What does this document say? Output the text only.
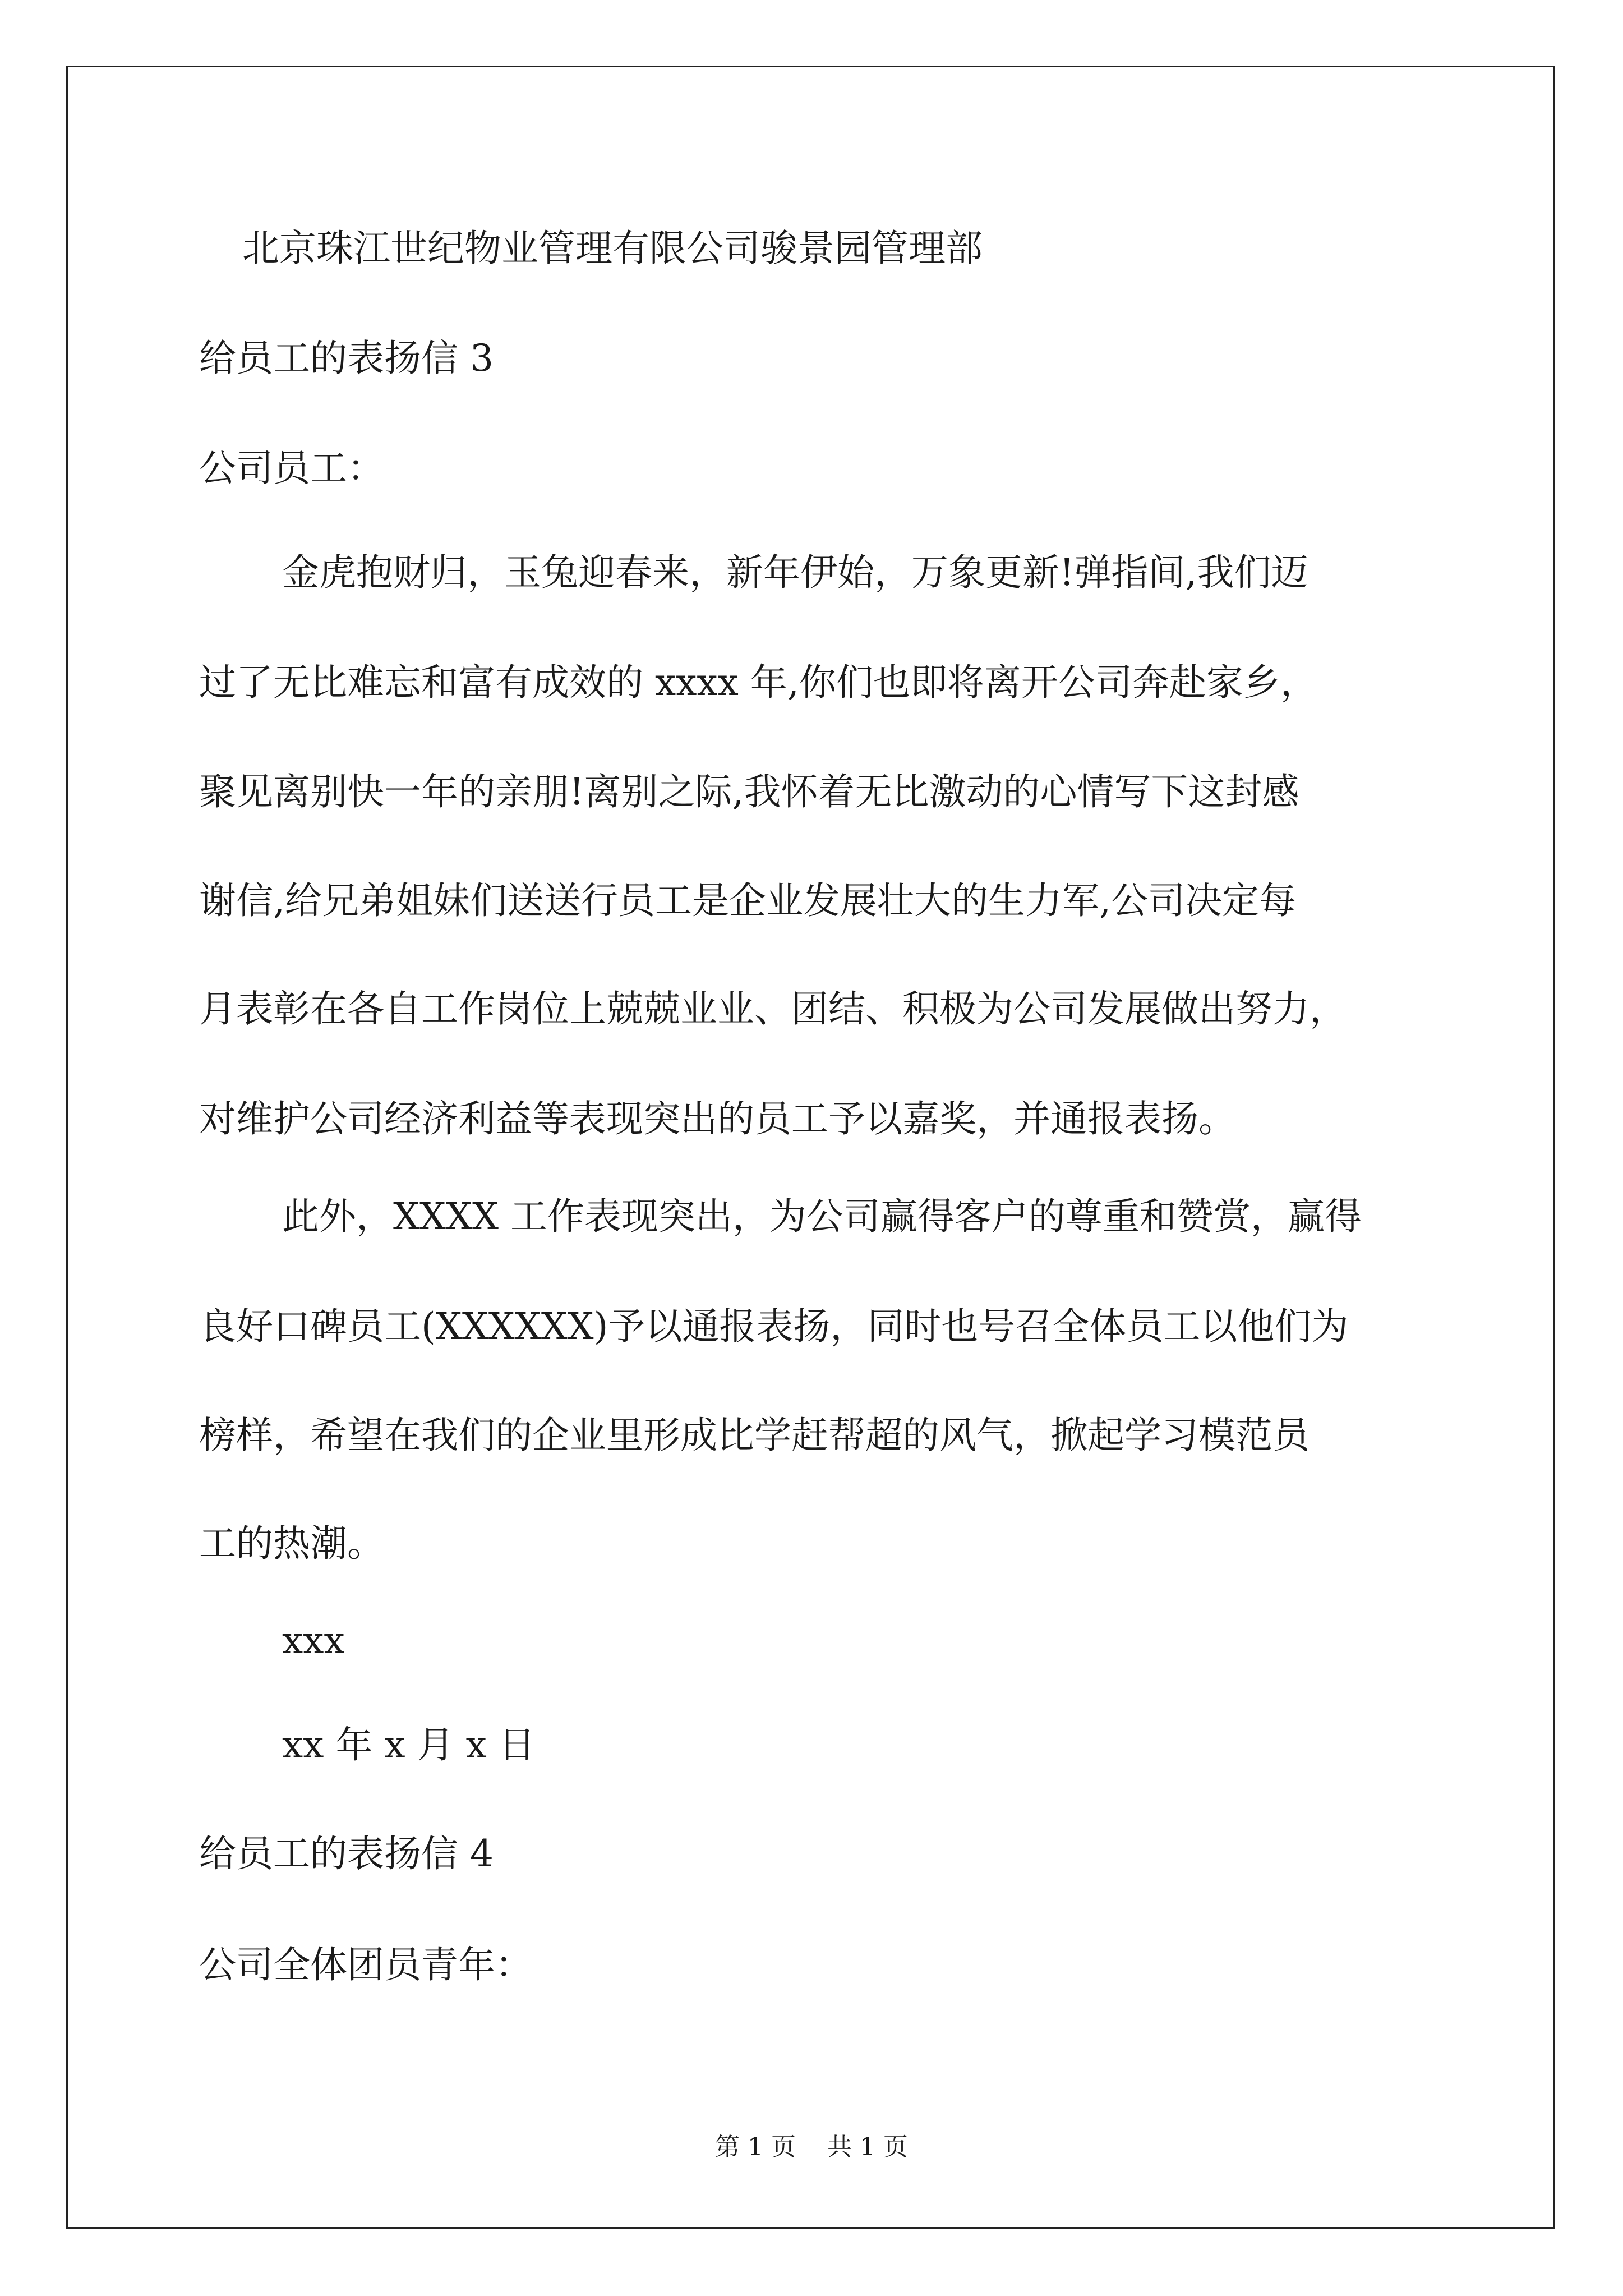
北京珠江世纪物业管理有限公司骏景园管理部
给员工的表扬信 3
公司员工：
金虎抱财归，玉兔迎春来，新年伊始，万象更新!弹指间,我们迈
过了无比难忘和富有成效的 xxxx 年,你们也即将离开公司奔赴家乡，
聚见离别快一年的亲朋!离别之际,我怀着无比激动的心情写下这封感
谢信,给兄弟姐妹们送送行员工是企业发展壮大的生力军,公司决定每
月表彰在各自工作岗位上兢兢业业、团结、积极为公司发展做出努力，
对维护公司经济利益等表现突出的员工予以嘉奖，并通报表扬。
此外，XXXX 工作表现突出，为公司赢得客户的尊重和赞赏，赢得
良好口碑员工(XXXXXX)予以通报表扬，同时也号召全体员工以他们为
榜样，希望在我们的企业里形成比学赶帮超的风气，掀起学习模范员
工的热潮。
xxx
xx 年 x 月 x 日
给员工的表扬信 4
公司全体团员青年：
第 1 页    共 1 页
